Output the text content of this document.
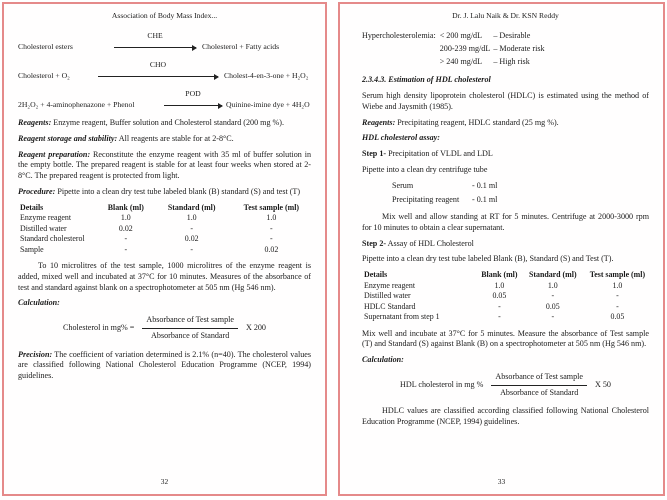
Association of Body Mass Index...
Cholesterol esters
CHE
Cholesterol + Fatty acids
Cholesterol + O₂
CHO
Cholest-4-en-3-one + H₂O₂
2H₂O₂ + 4-aminophenazone + Phenol
POD
Quinine-imine dye + 4H₂O

Reagents: Enzyme reagent, Buffer solution and Cholesterol standard (200 mg %).

Reagent storage and stability: All reagents are stable for at 2-8°C.

Reagent preparation: Reconstitute the enzyme reagent with 35 ml of buffer solution in the empty bottle. The prepared reagent is stable for at least four weeks when stored at 2-8°C. The prepared reagent is protected from light.

Procedure: Pipette into a clean dry test tube labeled blank (B) standard (S) and test (T)

Details	Blank (ml)	Standard (ml)	Test sample (ml)
Enzyme reagent	1.0	1.0	1.0
Distilled water	0.02	-	-
Standard cholesterol	-	0.02	-
Sample	-	-	0.02

To 10 microlitres of the test sample, 1000 microlitres of the enzyme reagent is added, mixed well and incubated at 37°C for 10 minutes. Measures of the absorbance of test and standard against blank on a spectrophotometer at 505 nm (Hg 546 nm).

Calculation:

Cholesterol in $mg\% = \frac{\text{Absorbance of Test sample}}{\text{Absorbance of Standard}}$ X 200

Precision: The coefficient of variation determined is 2.1% (n=40). The cholesterol values are classified following National Cholesterol Education Programme (NCEP, 1994) guidelines.

32
Dr. J. Lalu Naik & Dr. KSN Reddy
Hypercholesterolemia:	< 200 mg/dL	– Desirable
	200-239 mg/dL	– Moderate risk
	> 240 mg/dL	– High risk

2.3.4.3. Estimation of HDL cholesterol

Serum high density lipoprotein cholesterol (HDLC) is estimated using the method of Wiebe and Jaysmith (1985).

Reagents: Precipitating reagent, HDLC standard (25 mg %).

HDL cholesterol assay:

Step 1- Precipitation of VLDL and LDL

Pipette into a clean dry centrifuge tube

Serum	- 0.1 ml
Precipitating reagent	- 0.1 ml

Mix well and allow standing at RT for 5 minutes. Centrifuge at 2000-3000 rpm for 10 minutes to obtain a clear supernatant.

Step 2- Assay of HDL Cholesterol

Pipette into a clean dry test tube labeled Blank (B), Standard (S) and Test (T).

Details	Blank (ml)	Standard (ml)	Test sample (ml)
Enzyme reagent	1.0	1.0	1.0
Distilled water	0.05	-	-
HDLC Standard	-	0.05	-
Supernatant from step 1	-	-	0.05

Mix well and incubate at 37°C for 5 minutes. Measure the absorbance of Test sample (T) and Standard (S) against Blank (B) on a spectrophotometer at 505 nm (Hg 546 nm).

Calculation:

HDL cholesterol in mg % $\frac{\text{Absorbance of Test sample}}{\text{Absorbance of Standard}}$ X 50

HDLC values are classified according classified following National Cholesterol Education Programme (NCEP, 1994) guidelines.

33
